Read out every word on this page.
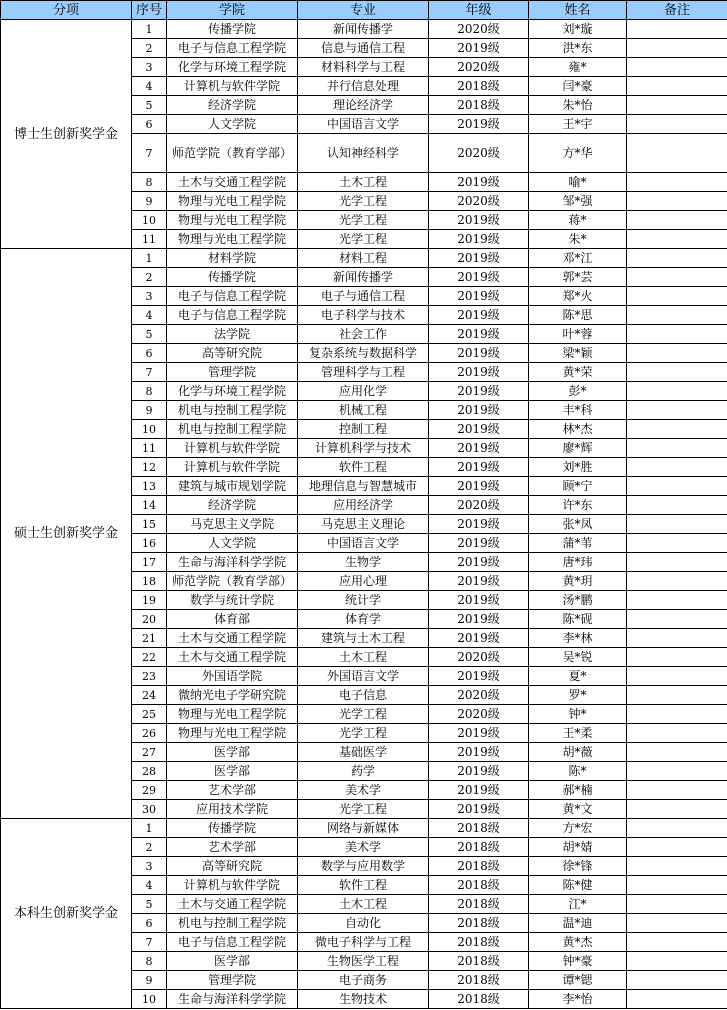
分项	序号	学院	专业	年级	姓名	备注
博士生创新奖学金	1	传播学院	新闻传播学	2020级	刘*璇	
	2	电子与信息工程学院	信息与通信工程	2019级	洪*东	
	3	化学与环境工程学院	材料科学与工程	2020级	雍*	
	4	计算机与软件学院	并行信息处理	2018级	闫*豪	
	5	经济学院	理论经济学	2018级	朱*怡	
	6	人文学院	中国语言文学	2019级	王*宇	
	7	师范学院（教育学部）	认知神经科学	2020级	方*华	
	8	土木与交通工程学院	土木工程	2019级	喻*	
	9	物理与光电工程学院	光学工程	2020级	邹*强	
	10	物理与光电工程学院	光学工程	2019级	蒋*	
	11	物理与光电工程学院	光学工程	2019级	朱*	
硕士生创新奖学金	1	材料学院	材料工程	2019级	邓*江	
	2	传播学院	新闻传播学	2019级	郭*芸	
	3	电子与信息工程学院	电子与通信工程	2019级	郑*火	
	4	电子与信息工程学院	电子科学与技术	2019级	陈*思	
	5	法学院	社会工作	2019级	叶*蓉	
	6	高等研究院	复杂系统与数据科学	2019级	梁*颖	
	7	管理学院	管理科学与工程	2019级	黄*荣	
	8	化学与环境工程学院	应用化学	2019级	彭*	
	9	机电与控制工程学院	机械工程	2019级	丰*科	
	10	机电与控制工程学院	控制工程	2019级	林*杰	
	11	计算机与软件学院	计算机科学与技术	2019级	廖*辉	
	12	计算机与软件学院	软件工程	2019级	刘*胜	
	13	建筑与城市规划学院	地理信息与智慧城市	2019级	顾*宁	
	14	经济学院	应用经济学	2020级	许*东	
	15	马克思主义学院	马克思主义理论	2019级	张*凤	
	16	人文学院	中国语言文学	2019级	蒲*苇	
	17	生命与海洋科学学院	生物学	2019级	唐*玮	
	18	师范学院（教育学部）	应用心理	2019级	黄*玥	
	19	数学与统计学院	统计学	2019级	汤*鹏	
	20	体育部	体育学	2019级	陈*砚	
	21	土木与交通工程学院	建筑与土木工程	2019级	李*林	
	22	土木与交通工程学院	土木工程	2020级	吴*锐	
	23	外国语学院	外国语言文学	2019级	夏*	
	24	微纳光电子学研究院	电子信息	2020级	罗*	
	25	物理与光电工程学院	光学工程	2020级	钟*	
	26	物理与光电工程学院	光学工程	2019级	王*柔	
	27	医学部	基础医学	2019级	胡*薇	
	28	医学部	药学	2019级	陈*	
	29	艺术学部	美术学	2019级	郝*楠	
	30	应用技术学院	光学工程	2019级	黄*文	
本科生创新奖学金	1	传播学院	网络与新媒体	2018级	方*宏	
	2	艺术学部	美术学	2018级	胡*婧	
	3	高等研究院	数学与应用数学	2018级	徐*锋	
	4	计算机与软件学院	软件工程	2018级	陈*健	
	5	土木与交通工程学院	土木工程	2018级	江*	
	6	机电与控制工程学院	自动化	2018级	温*迪	
	7	电子与信息工程学院	微电子科学与工程	2018级	黄*杰	
	8	医学部	生物医学工程	2018级	钟*豪	
	9	管理学院	电子商务	2018级	谭*锶	
	10	生命与海洋科学学院	生物技术	2018级	李*怡	
